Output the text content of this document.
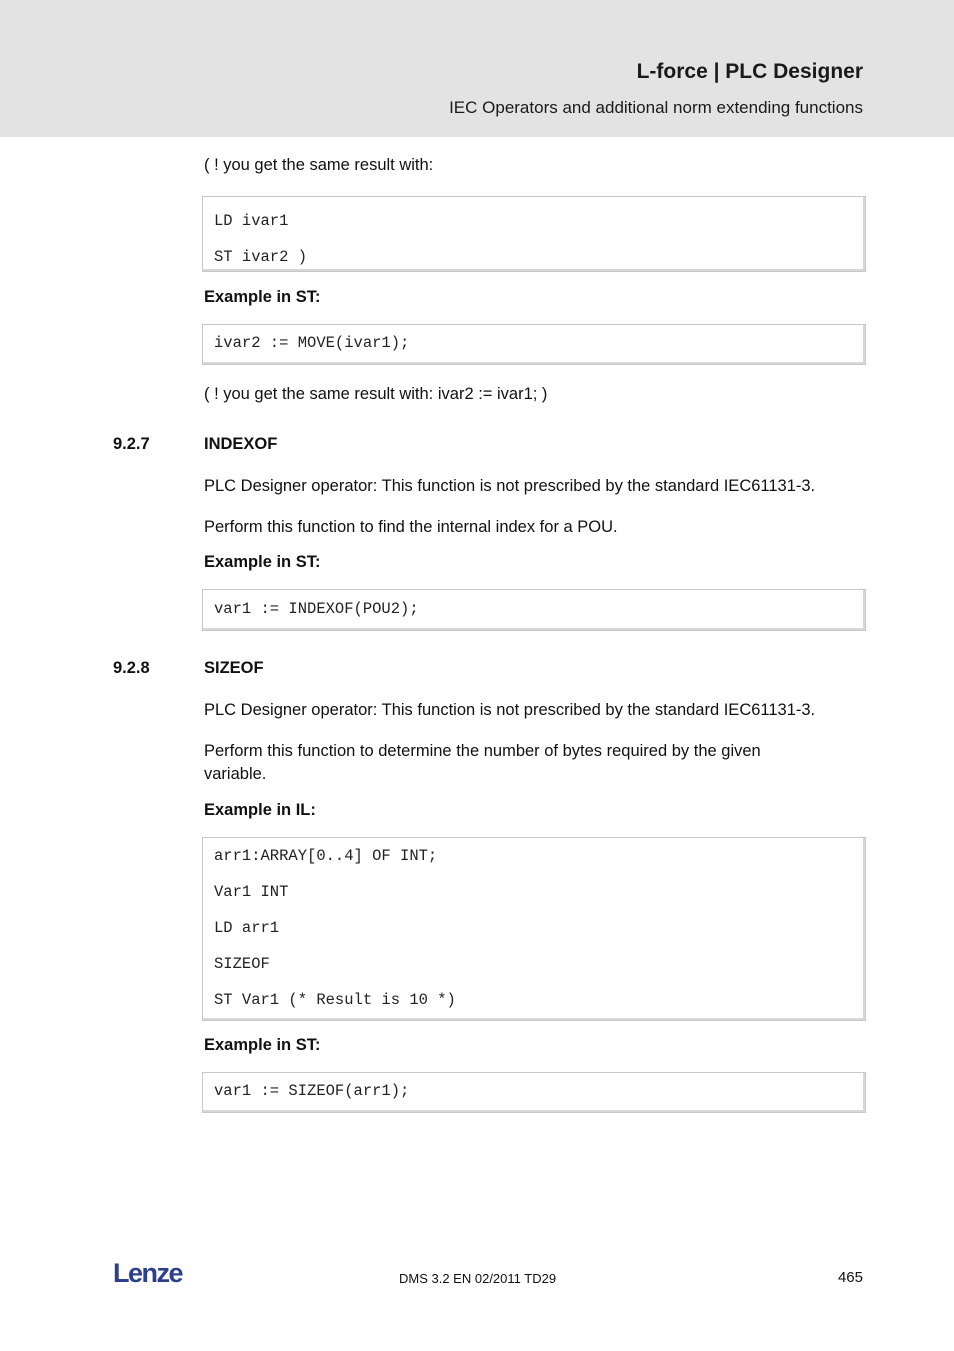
L-force | PLC Designer
IEC Operators and additional norm extending functions
( ! you get the same result with:
LD ivar1
ST ivar2 )
Example in ST:
ivar2 := MOVE(ivar1);
( ! you get the same result with: ivar2 := ivar1; )
9.2.7	INDEXOF
PLC Designer operator: This function is not prescribed by the standard IEC61131-3.
Perform this function to find the internal index for a POU.
Example in ST:
var1 := INDEXOF(POU2);
9.2.8	SIZEOF
PLC Designer operator: This function is not prescribed by the standard IEC61131-3.
Perform this function to determine the number of bytes required by the given variable.
Example in IL:
arr1:ARRAY[0..4] OF INT;
Var1 INT
LD arr1
SIZEOF
ST Var1 (* Result is 10 *)
Example in ST:
var1 := SIZEOF(arr1);
Lenze	DMS 3.2 EN 02/2011 TD29	465
